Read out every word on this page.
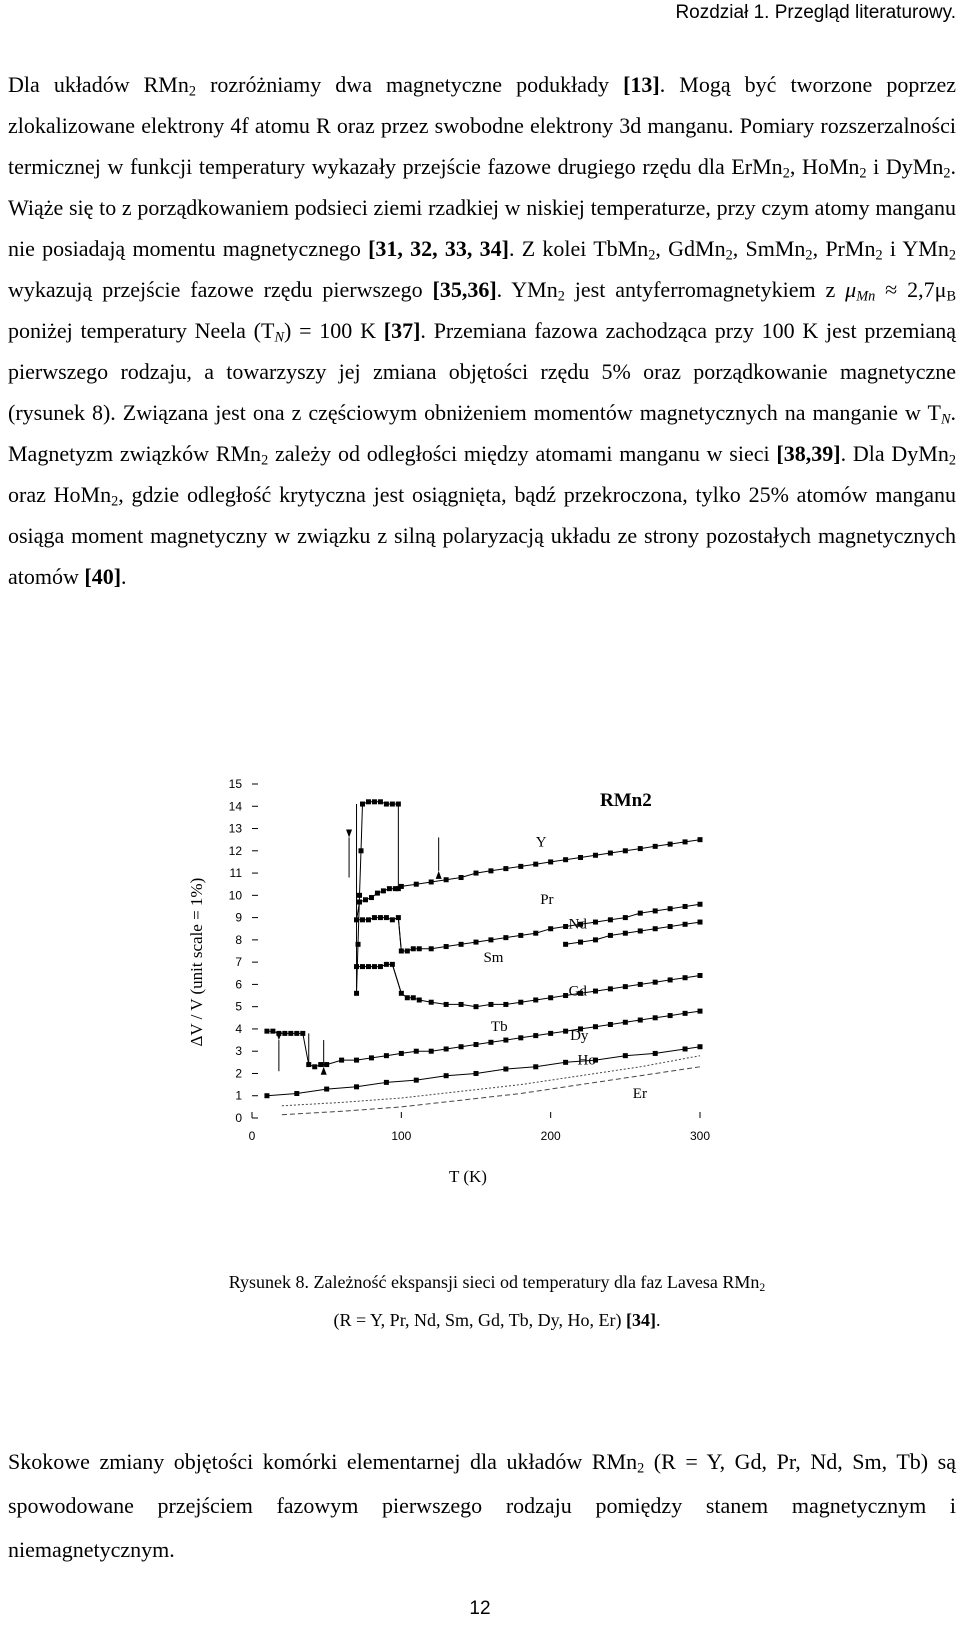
Rozdział 1. Przegląd literaturowy.

Dla układów RMn$_2$ rozróżniamy dwa magnetyczne podukłady [13]. Mogą być tworzone poprzez zlokalizowane elektrony 4f atomu R oraz przez swobodne elektrony 3d manganu. Pomiary rozszerzalności termicznej w funkcji temperatury wykazały przejście fazowe drugiego rzędu dla ErMn$_2$, HoMn$_2$ i DyMn$_2$. Wiąże się to z porządkowaniem podsieci ziemi rzadkiej w niskiej temperaturze, przy czym atomy manganu nie posiadają momentu magnetycznego [31, 32, 33, 34]. Z kolei TbMn$_2$, GdMn$_2$, SmMn$_2$, PrMn$_2$ i YMn$_2$ wykazują przejście fazowe rzędu pierwszego [35,36]. YMn$_2$ jest antyferromagnetykiem z $\mu_{Mn} \approx 2,7\mu_B$ poniżej temperatury Neela $(T_N) = 100$ K [37]. Przemiana fazowa zachodząca przy 100 K jest przemianą pierwszego rodzaju, a towarzyszy jej zmiana objętości rzędu 5% oraz porządkowanie magnetyczne (rysunek 8). Związana jest ona z częściowym obniżeniem momentów magnetycznych na manganie w $T_N$. Magnetyzm związków RMn$_2$ zależy od odległości między atomami manganu w sieci [38,39]. Dla DyMn$_2$ oraz HoMn$_2$, gdzie odległość krytyczna jest osiągnięta, bądź przekroczona, tylko 25% atomów manganu osiąga moment magnetyczny w związku z silną polaryzacją układu ze strony pozostałych magnetycznych atomów [40].

0
1
2
3
4
5
6
7
8
9
10
11
12
13
14
15
0	100	200	300
T (K)
ΔV / V (unit scale = 1%)
RMn2
Y
Pr
Nd
Sm
Gd
Tb
Dy
Ho
Er
Rysunek 8. Zależność ekspansji sieci od temperatury dla faz Lavesa RMn$_2$
(R = Y, Pr, Nd, Sm, Gd, Tb, Dy, Ho, Er) [34].

Skokowe zmiany objętości komórki elementarnej dla układów RMn$_2$ (R = Y, Gd, Pr, Nd, Sm, Tb) są spowodowane przejściem fazowym pierwszego rodzaju pomiędzy stanem magnetycznym i niemagnetycznym.

12
